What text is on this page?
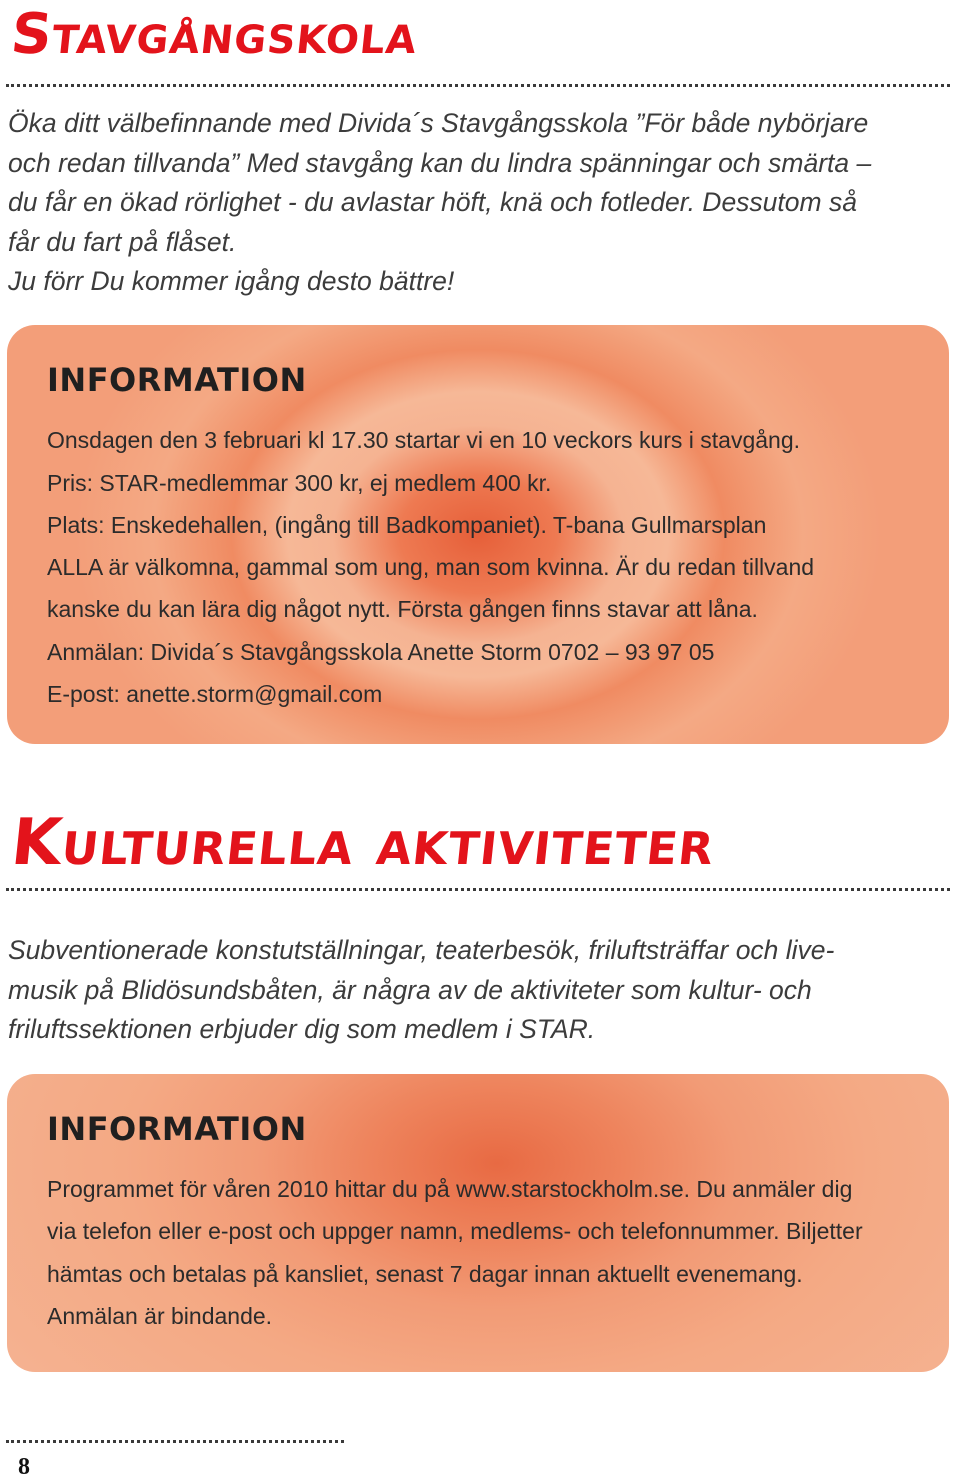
Stavgångskola
Öka ditt välbefinnande med Divida´s Stavgångsskola ”För både nybörjare
och redan tillvanda” Med stavgång kan du lindra spänningar och smärta –
du får en ökad rörlighet - du avlastar höft, knä och fotleder. Dessutom så
får du fart på flåset.
Ju förr Du kommer igång desto bättre!
INFORMATION
Onsdagen den 3 februari kl 17.30 startar vi en 10 veckors kurs i stavgång.
Pris: STAR-medlemmar 300 kr, ej medlem 400 kr.
Plats: Enskedehallen, (ingång till Badkompaniet). T-bana Gullmarsplan
ALLA är välkomna, gammal som ung, man som kvinna. Är du redan tillvand
kanske du kan lära dig något nytt. Första gången finns stavar att låna.
Anmälan: Divida´s Stavgångsskola Anette Storm 0702 – 93 97 05
E-post: anette.storm@gmail.com
Kulturella aktiviteter
Subventionerade konstutställningar, teaterbesök, friluftsträffar och live-
musik på Blidösundsbåten, är några av de aktiviteter som kultur- och
friluftssektionen erbjuder dig som medlem i STAR.
INFORMATION
Programmet för våren 2010 hittar du på www.starstockholm.se. Du anmäler dig
via telefon eller e-post och uppger namn, medlems- och telefonnummer. Biljetter
hämtas och betalas på kansliet, senast 7 dagar innan aktuellt evenemang.
Anmälan är bindande.
8
